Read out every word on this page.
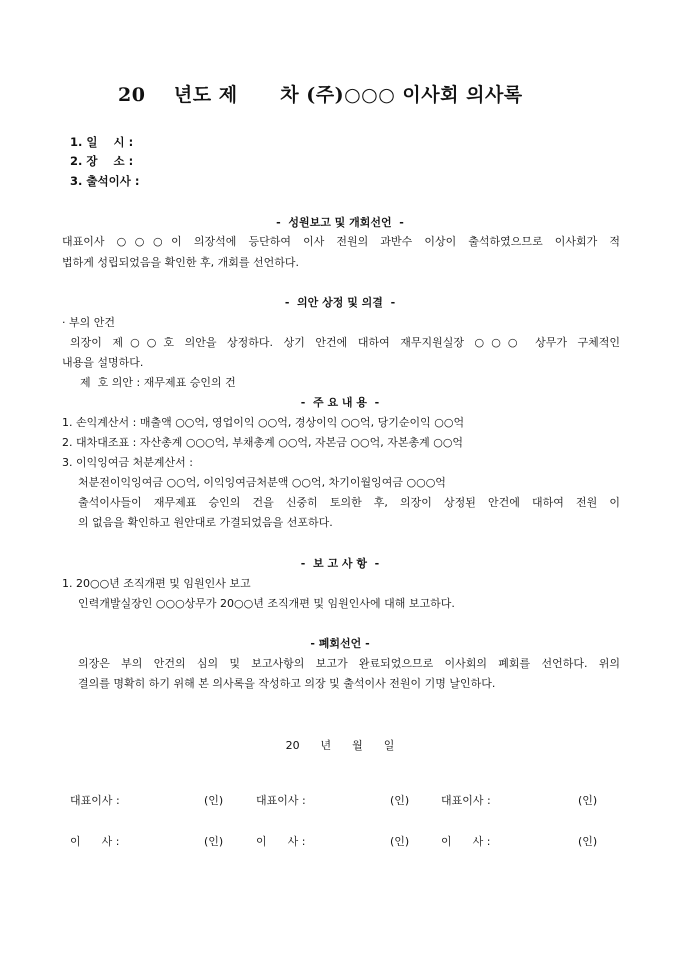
20    년도 제      차 (주)○○○ 이사회 의사록
1. 일    시 :
2. 장    소 :
3. 출석이사 :
-  성원보고 및 개회선언  -
대표이사 ○○○이 의장석에 등단하여 이사 전원의 과반수 이상이 출석하였으므로 이사회가 적
법하게 성립되었음을 확인한 후, 개회를 선언하다.
-  의안 상정 및 의결  -
· 부의 안건
의장이 제○○호 의안을 상정하다. 상기 안건에 대하여 재무지원실장 ○○○ 상무가 구체적인
내용을 설명하다.
제  호 의안 : 재무제표 승인의 건
-  주 요 내 용  -
1. 손익계산서 : 매출액 ○○억, 영업이익 ○○억, 경상이익 ○○억, 당기순이익 ○○억
2. 대차대조표 : 자산총계 ○○○억, 부채총계 ○○억, 자본금 ○○억, 자본총계 ○○억
3. 이익잉여금 처분계산서 :
처분전이익잉여금 ○○억, 이익잉여금처분액 ○○억, 차기이월잉여금 ○○○억
출석이사들이 재무제표 승인의 건을 신중히 토의한 후, 의장이 상정된 안건에 대하여 전원 이
의 없음을 확인하고 원안대로 가결되었음을 선포하다.
-  보 고 사 항  -
1. 20○○년 조직개편 및 임원인사 보고
인력개발실장인 ○○○상무가 20○○년 조직개편 및 임원인사에 대해 보고하다.
- 폐회선언 -
의장은 부의 안건의 심의 및 보고사항의 보고가 완료되었으므로 이사회의 폐회를 선언하다. 위의
결의를 명확히 하기 위해 본 의사록을 작성하고 의장 및 출석이사 전원이 기명 날인하다.
20      년      월      일
대표이사 :	(인)	대표이사 :	(인)	대표이사 :	(인)
이      사 :	(인)	이      사 :	(인)	이      사 :	(인)
